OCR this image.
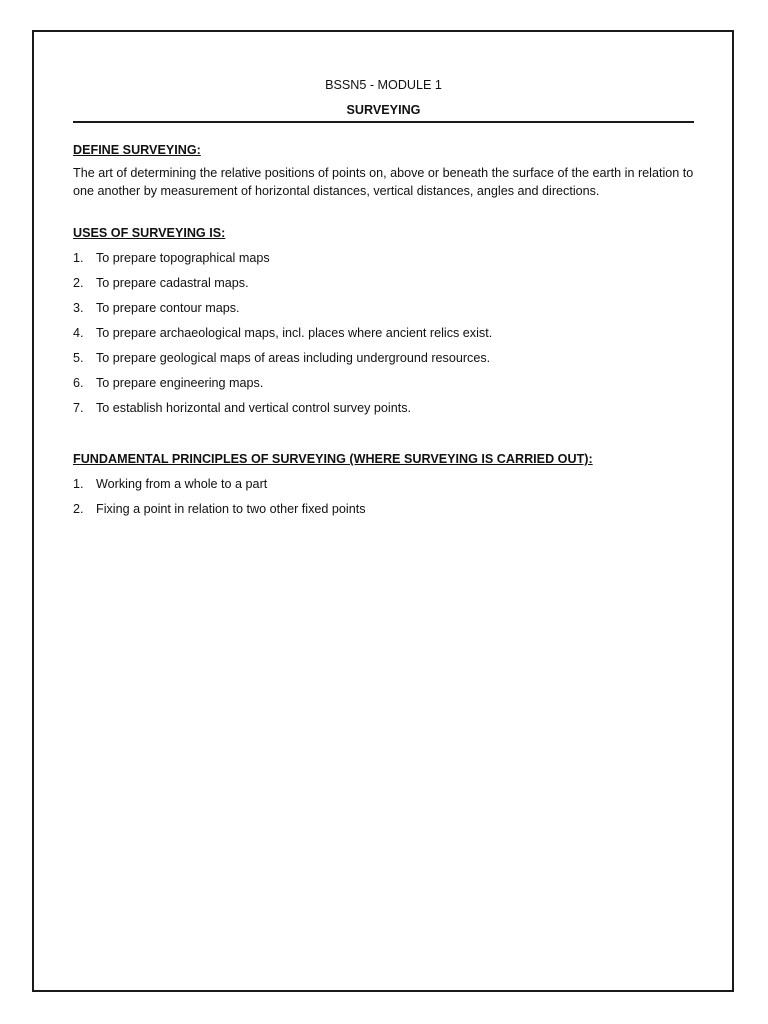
BSSN5 - MODULE 1

SURVEYING

DEFINE SURVEYING:

The art of determining the relative positions of points on, above or beneath the surface of the earth in relation to one another by measurement of horizontal distances, vertical distances, angles and directions.

USES OF SURVEYING IS:

1. To prepare topographical maps
2. To prepare cadastral maps.
3. To prepare contour maps.
4. To prepare archaeological maps, incl. places where ancient relics exist.
5. To prepare geological maps of areas including underground resources.
6. To prepare engineering maps.
7. To establish horizontal and vertical control survey points.

FUNDAMENTAL PRINCIPLES OF SURVEYING (WHERE SURVEYING IS CARRIED OUT):

1. Working from a whole to a part
2. Fixing a point in relation to two other fixed points
